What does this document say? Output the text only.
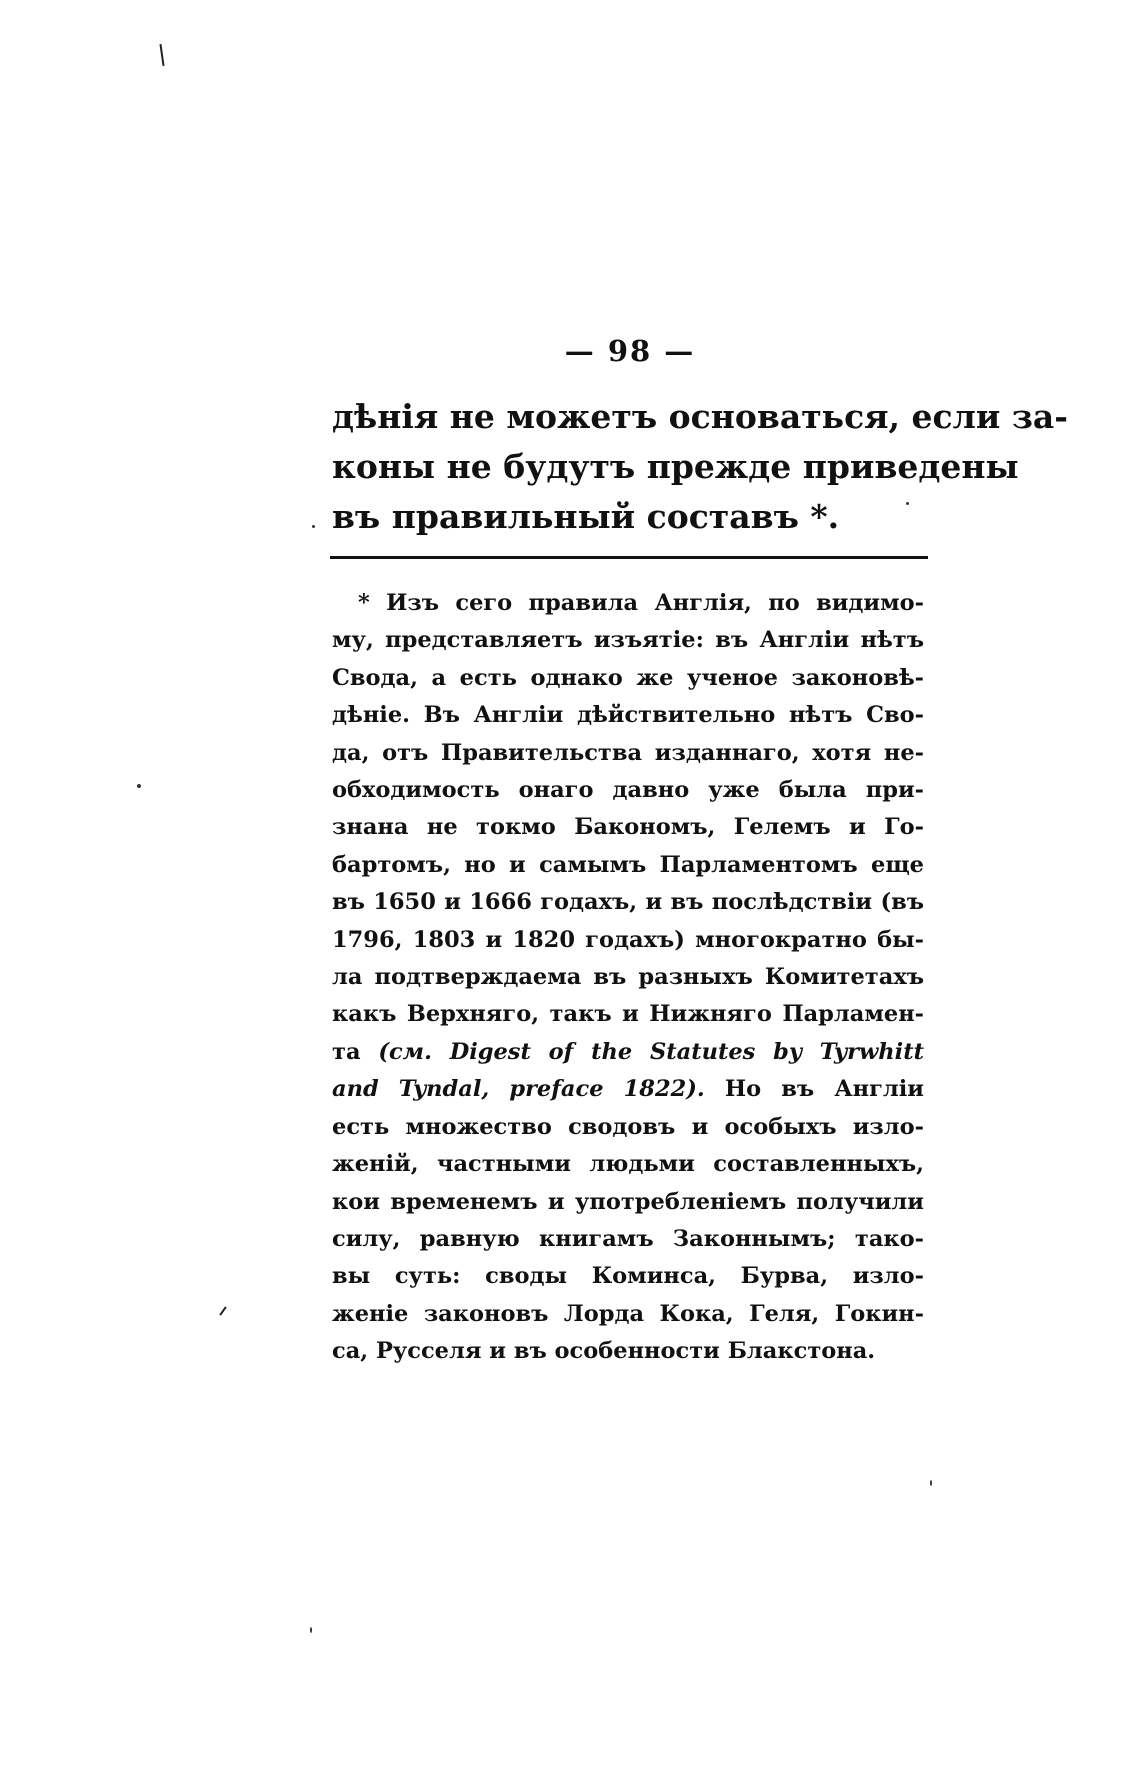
— 98 —
дѣнія не можетъ основаться, если за-
коны не будутъ прежде приведены
въ правильный составъ *.
* Изъ сего правила Англія, по видимо-
му, представляетъ изъятіе: въ Англіи нѣтъ
Свода, а есть однако же ученое законовѣ-
дѣніе. Въ Англіи дѣйствительно нѣтъ Сво-
да, отъ Правительства изданнаго, хотя не-
обходимость онаго давно уже была при-
знана не токмо Бакономъ, Гелемъ и Го-
бартомъ, но и самымъ Парламентомъ еще
въ 1650 и 1666 годахъ, и въ послѣдствіи (въ
1796, 1803 и 1820 годахъ) многократно бы-
ла подтверждаема въ разныхъ Комитетахъ
какъ Верхняго, такъ и Нижняго Парламен-
та (см. Digest of the Statutes by Tyrwhitt
and Tyndal, preface 1822). Но въ Англіи
есть множество сводовъ и особыхъ изло-
женій, частными людьми составленныхъ,
кои временемъ и употребленіемъ получили
силу, равную книгамъ Законнымъ; тако-
вы суть: своды Коминса, Бурва, изло-
женіе законовъ Лорда Кока, Геля, Гокин-
са, Русселя и въ особенности Блакстона.
